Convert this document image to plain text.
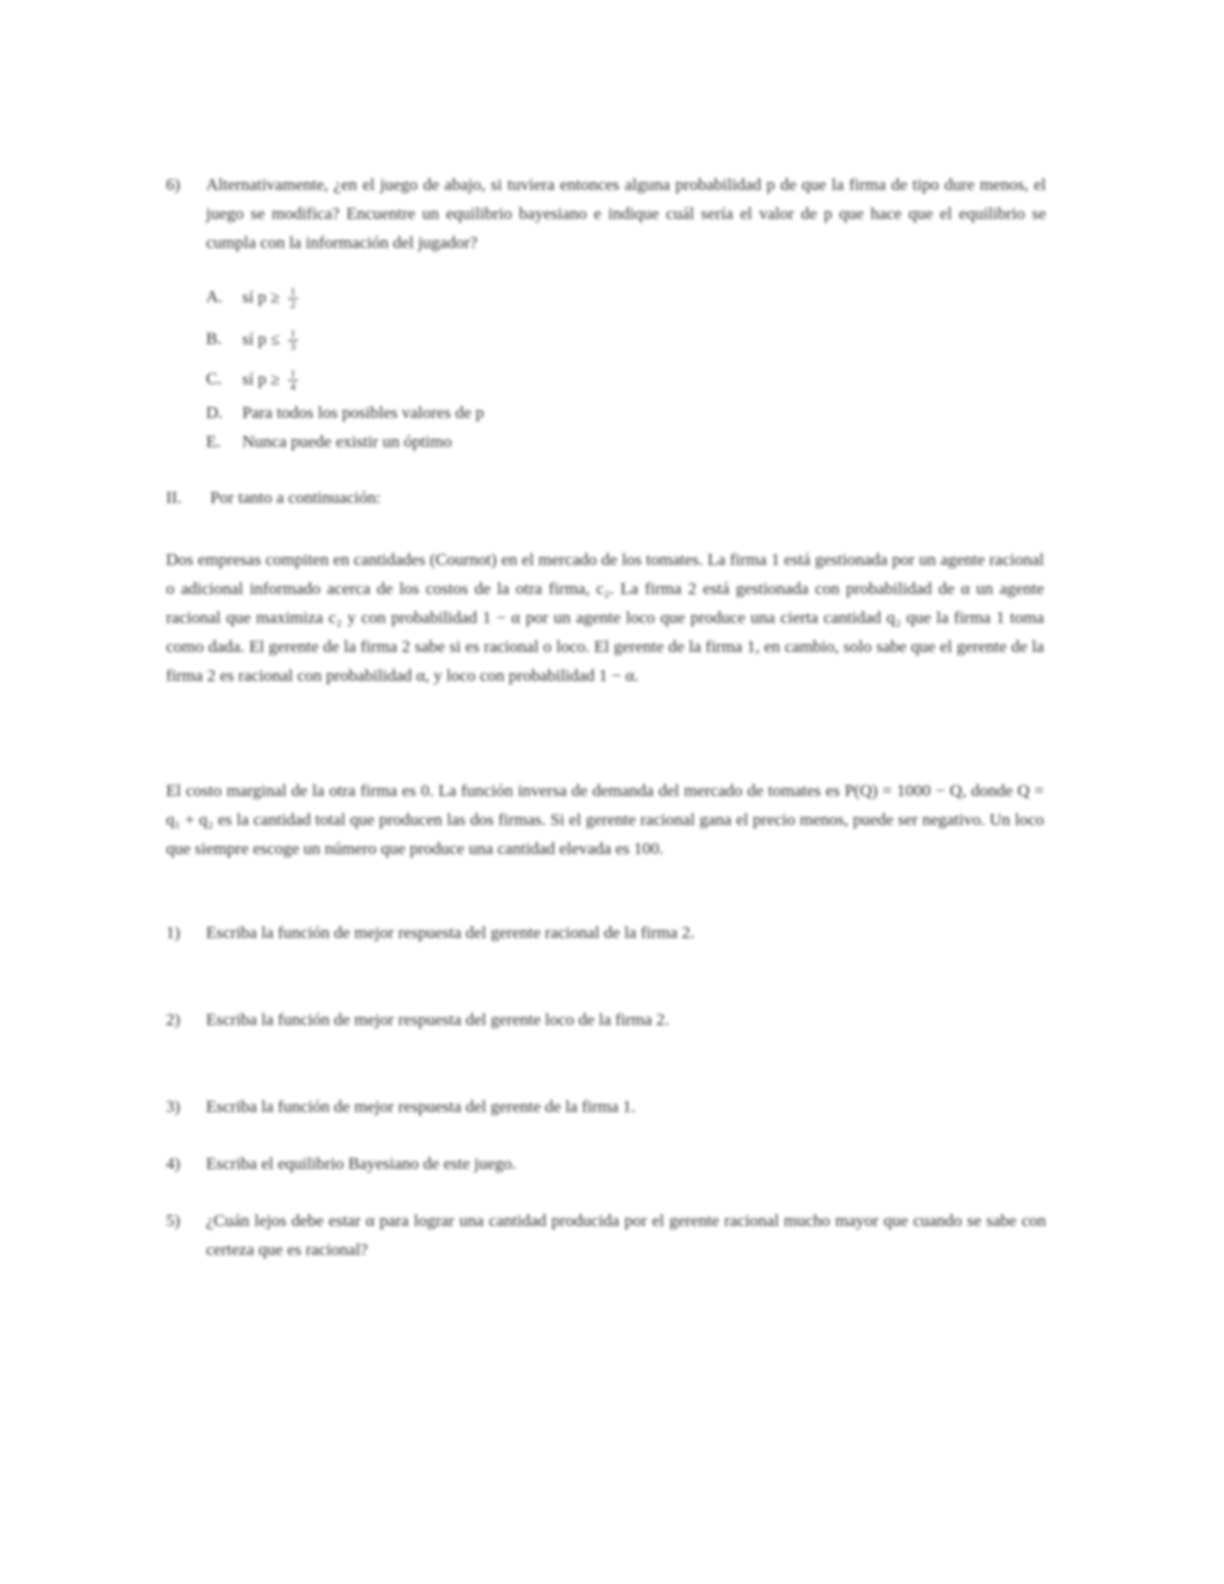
6)	Alternativamente, ¿en el juego de abajo, si tuviera entonces alguna probabilidad p de que la firma de tipo dure menos, el juego se modifica? Encuentre un equilibrio bayesiano e indique cuál sería el valor de p que hace que el equilibrio se cumpla con la información del jugador?
A. sí $p \ge \frac{1}{2}$
B. sí $p \le \frac{1}{3}$
C. sí $p \ge \frac{1}{4}$
D. Para todos los posibles valores de p
E. Nunca puede existir un óptimo
II. Por tanto a continuación:

Dos empresas compiten en cantidades (Cournot) en el mercado de los tomates. La firma 1 está gestionada por un agente racional o adicional informado acerca de los costos de la otra firma, c₂. La firma 2 está gestionada con probabilidad de α un agente racional que maximiza c₂ y con probabilidad 1 − α por un agente loco que produce una cierta cantidad q₂ que la firma 1 toma como dada. El gerente de la firma 2 sabe si es racional o loco. El gerente de la firma 1, en cambio, solo sabe que el gerente de la firma 2 es racional con probabilidad α, y loco con probabilidad 1 − α.

El costo marginal de la otra firma es 0. La función inversa de demanda del mercado de tomates es P(Q) = 1000 − Q, donde Q = q₁ + q₂ es la cantidad total que producen las dos firmas. Si el gerente racional gana el precio menos, puede ser negativo. Un loco que siempre escoge un número que produce una cantidad elevada es 100.

1)	Escriba la función de mejor respuesta del gerente racional de la firma 2.
2)	Escriba la función de mejor respuesta del gerente loco de la firma 2.
3)	Escriba la función de mejor respuesta del gerente de la firma 1.
4)	Escriba el equilibrio Bayesiano de este juego.
5)	¿Cuán lejos debe estar α para lograr una cantidad producida por el gerente racional mucho mayor que cuando se sabe con certeza que es racional?
